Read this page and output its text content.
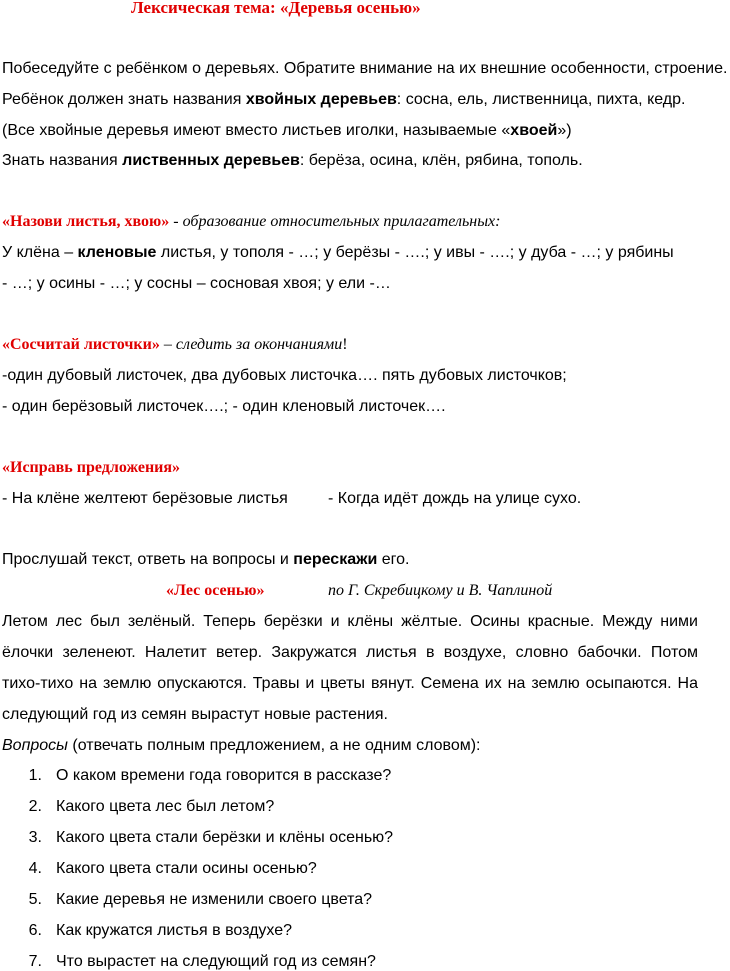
Лексическая тема: «Деревья осенью»
Побеседуйте с ребёнком о деревьях. Обратите внимание на их внешние особенности, строение.
Ребёнок должен знать названия хвойных деревьев: сосна, ель, лиственница, пихта, кедр.
(Все хвойные деревья имеют вместо листьев иголки, называемые «хвоей»)
Знать названия лиственных деревьев: берёза, осина, клён, рябина, тополь.
«Назови листья, хвою» - образование относительных прилагательных:
У клёна – кленовые листья, у тополя - …; у берёзы - ….; у ивы - ….; у дуба - …; у рябины
- …; у осины - …; у сосны – сосновая хвоя; у ели -…
«Сосчитай листочки» – следить за окончаниями!
-один дубовый листочек, два дубовых листочка…. пять дубовых листочков;
- один берёзовый листочек….; - один кленовый листочек….
«Исправь предложения»
- На клёне желтеют берёзовые листья	- Когда идёт дождь на улице сухо.
Прослушай текст, ответь на вопросы и перескажи его.
«Лес осенью»	по Г. Скребицкому и В. Чаплиной
Летом лес был зелёный. Теперь берёзки и клёны жёлтые. Осины красные. Между ними
ёлочки зеленеют. Налетит ветер. Закружатся листья в воздухе, словно бабочки. Потом
тихо-тихо на землю опускаются. Травы и цветы вянут. Семена их на землю осыпаются. На
следующий год из семян вырастут новые растения.
Вопросы (отвечать полным предложением, а не одним словом):
1. О каком времени года говорится в рассказе?
2. Какого цвета лес был летом?
3. Какого цвета стали берёзки и клёны осенью?
4. Какого цвета стали осины осенью?
5. Какие деревья не изменили своего цвета?
6. Как кружатся листья в воздухе?
7. Что вырастет на следующий год из семян?
